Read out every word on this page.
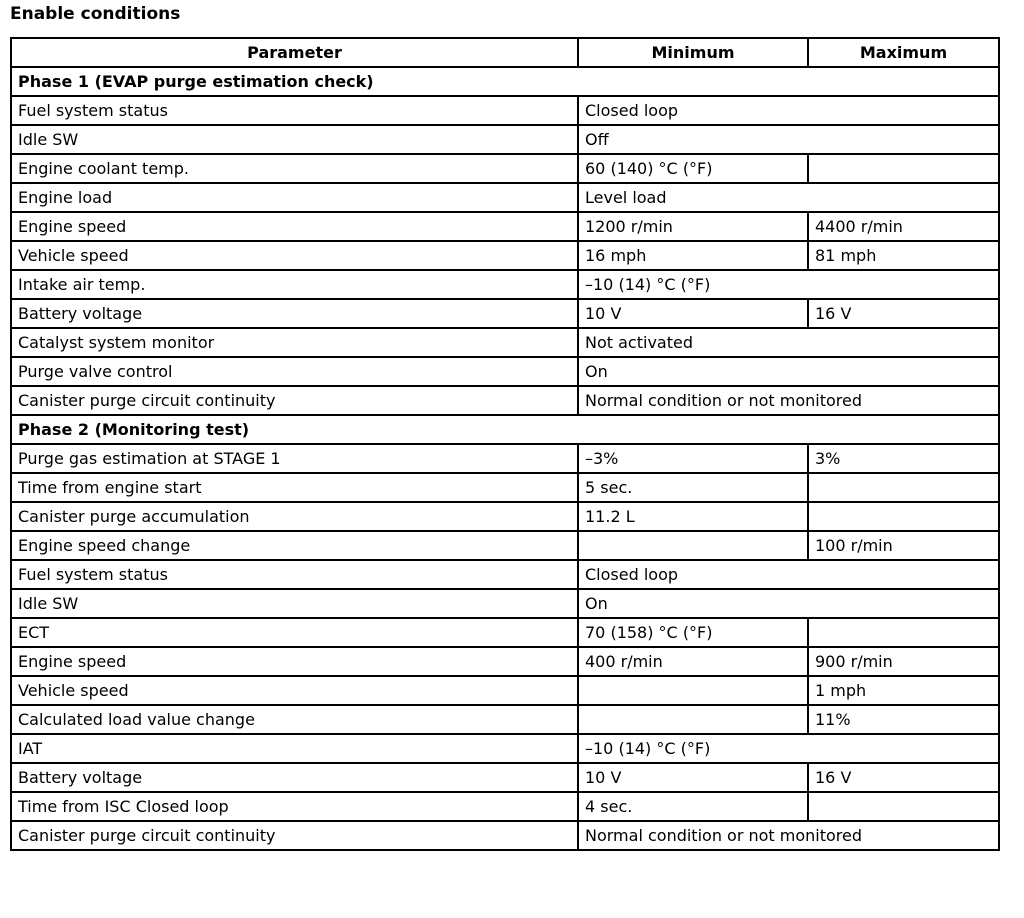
Enable conditions
Parameter	Minimum	Maximum
Phase 1 (EVAP purge estimation check)		
Fuel system status	Closed loop	
Idle SW	Off	
Engine coolant temp.	60 (140) °C (°F)	
Engine load	Level load	
Engine speed	1200 r/min	4400 r/min
Vehicle speed	16 mph	81 mph
Intake air temp.	–10 (14) °C (°F)	
Battery voltage	10 V	16 V
Catalyst system monitor	Not activated	
Purge valve control	On	
Canister purge circuit continuity	Normal condition or not monitored	
Phase 2 (Monitoring test)		
Purge gas estimation at STAGE 1	–3%	3%
Time from engine start	5 sec.	
Canister purge accumulation	11.2 L	
Engine speed change		100 r/min
Fuel system status	Closed loop	
Idle SW	On	
ECT	70 (158) °C (°F)	
Engine speed	400 r/min	900 r/min
Vehicle speed		1 mph
Calculated load value change		11%
IAT	–10 (14) °C (°F)	
Battery voltage	10 V	16 V
Time from ISC Closed loop	4 sec.	
Canister purge circuit continuity	Normal condition or not monitored	
